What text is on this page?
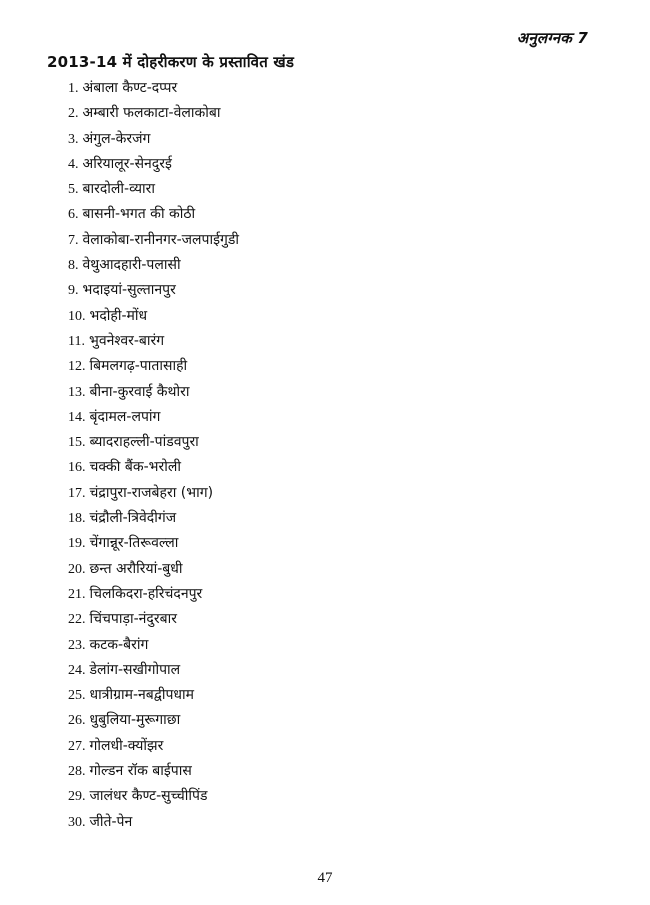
अनुलग्नक 7
2013-14 में दोहरीकरण के प्रस्तावित खंड
1. अंबाला कैण्ट-दप्पर
2. अम्बारी फलकाटा-वेलाकोबा
3. अंगुल-केरजंग
4. अरियालूर-सेनदुरई
5. बारदोली-व्यारा
6. बासनी-भगत की कोठी
7. वेलाकोबा-रानीनगर-जलपाईगुडी
8. वेथुआदहारी-पलासी
9. भदाइयां-सुल्तानपुर
10. भदोही-मोंध
11. भुवनेश्वर-बारंग
12. बिमलगढ़-पातासाही
13. बीना-कुरवाई कैथोरा
14. बृंदामल-लपांग
15. ब्यादराहल्ली-पांडवपुरा
16. चक्की बैंक-भरोली
17. चंद्रापुरा-राजबेहरा (भाग)
18. चंद्रौली-त्रिवेदीगंज
19. चेंगान्नूर-तिरूवल्ला
20. छन्त अरौरियां-बुधी
21. चिलकिदरा-हरिचंदनपुर
22. चिंचपाड़ा-नंदुरबार
23. कटक-बैरांग
24. डेलांग-सखीगोपाल
25. धात्रीग्राम-नबद्वीपधाम
26. धुबुलिया-मुरूगाछा
27. गोलधी-क्योंझर
28. गोल्डन रॉक बाईपास
29. जालंधर कैण्ट-सुच्चीपिंड
30. जीते-पेन
47
